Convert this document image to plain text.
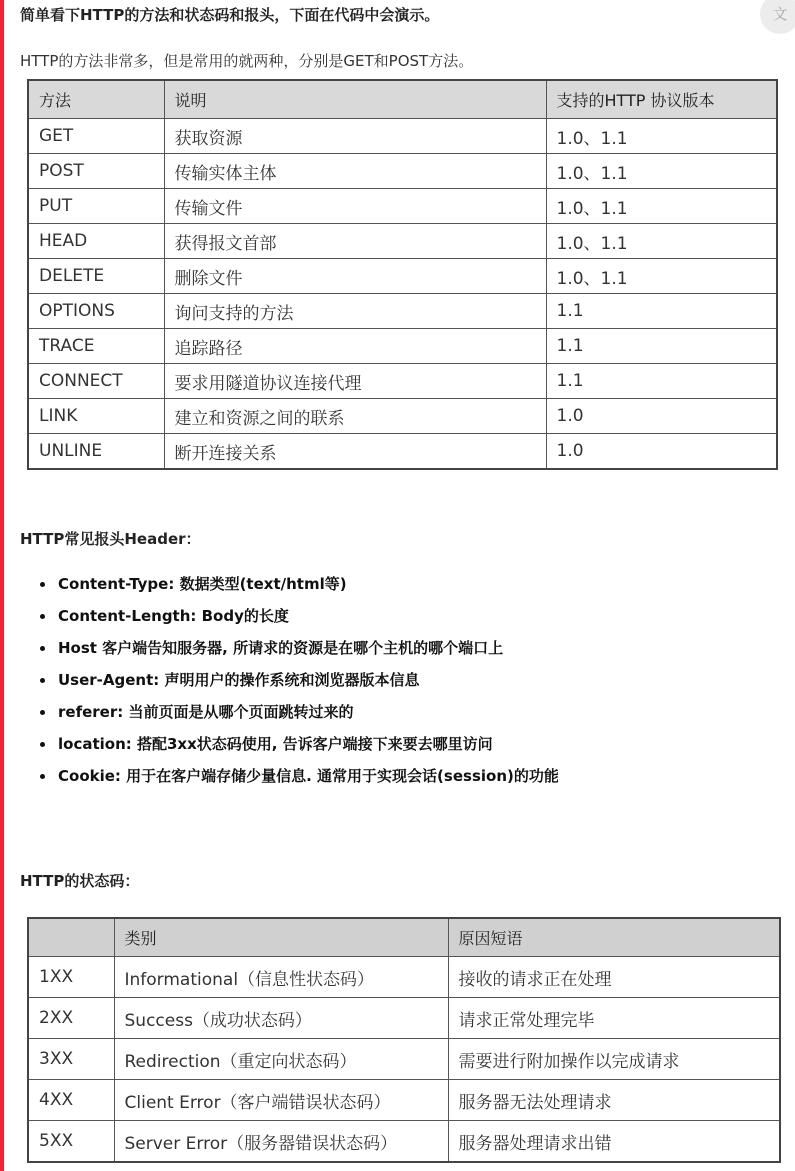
文
简单看下HTTP的方法和状态码和报头，下面在代码中会演示。

HTTP的方法非常多，但是常用的就两种，分别是GET和POST方法。

方法	说明	支持的HTTP 协议版本
GET	获取资源	1.0、1.1
POST	传输实体主体	1.0、1.1
PUT	传输文件	1.0、1.1
HEAD	获得报文首部	1.0、1.1
DELETE	删除文件	1.0、1.1
OPTIONS	询问支持的方法	1.1
TRACE	追踪路径	1.1
CONNECT	要求用隧道协议连接代理	1.1
LINK	建立和资源之间的联系	1.0
UNLINE	断开连接关系	1.0
HTTP常见报头Header：
Content-Type: 数据类型(text/html等)
Content-Length: Body的长度
Host 客户端告知服务器, 所请求的资源是在哪个主机的哪个端口上
User-Agent: 声明用户的操作系统和浏览器版本信息
referer: 当前页面是从哪个页面跳转过来的
location: 搭配3xx状态码使用, 告诉客户端接下来要去哪里访问
Cookie: 用于在客户端存储少量信息. 通常用于实现会话(session)的功能
HTTP的状态码：
	类别	原因短语
1XX	Informational（信息性状态码）	接收的请求正在处理
2XX	Success（成功状态码）	请求正常处理完毕
3XX	Redirection（重定向状态码）	需要进行附加操作以完成请求
4XX	Client Error（客户端错误状态码）	服务器无法处理请求
5XX	Server Error（服务器错误状态码）	服务器处理请求出错
